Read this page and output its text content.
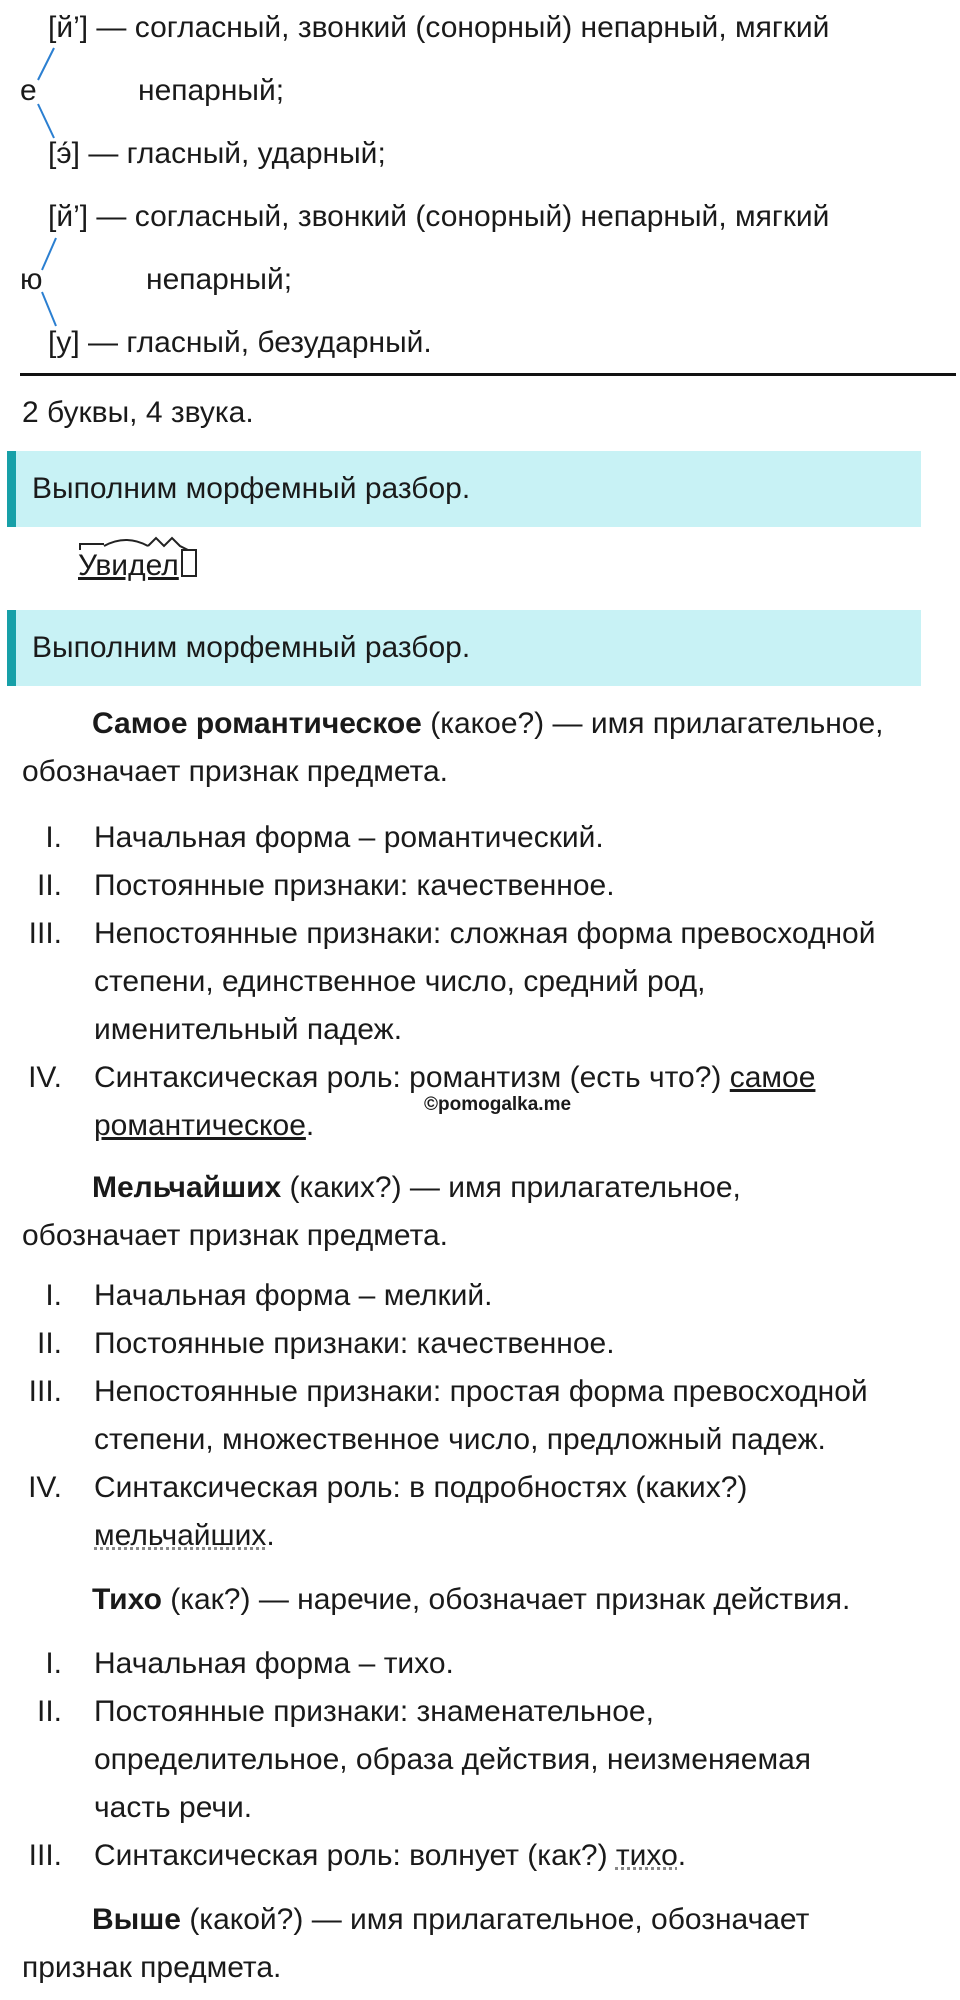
[й’] — согласный, звонкий (сонорный) непарный, мягкий
е	непарный;
[э́] — гласный, ударный;
[й’] — согласный, звонкий (сонорный) непарный, мягкий
ю	непарный;
[у] — гласный, безударный.
2 буквы, 4 звука.
Выполним морфемный разбор.
Увидел
Выполним морфемный разбор.
Самое романтическое (какое?) — имя прилагательное,
обозначает признак предмета.
I. Начальная форма – романтический.
II. Постоянные признаки: качественное.
III. Непостоянные признаки: сложная форма превосходной
степени, единственное число, средний род,
именительный падеж.
IV. Синтаксическая роль: романтизм (есть что?) самое
романтическое.
©pomogalka.me
Мельчайших (каких?) — имя прилагательное,
обозначает признак предмета.
I. Начальная форма – мелкий.
II. Постоянные признаки: качественное.
III. Непостоянные признаки: простая форма превосходной
степени, множественное число, предложный падеж.
IV. Синтаксическая роль: в подробностях (каких?)
мельчайших.
Тихо (как?) — наречие, обозначает признак действия.
I. Начальная форма – тихо.
II. Постоянные признаки: знаменательное,
определительное, образа действия, неизменяемая
часть речи.
III. Синтаксическая роль: волнует (как?) тихо.
Выше (какой?) — имя прилагательное, обозначает
признак предмета.
